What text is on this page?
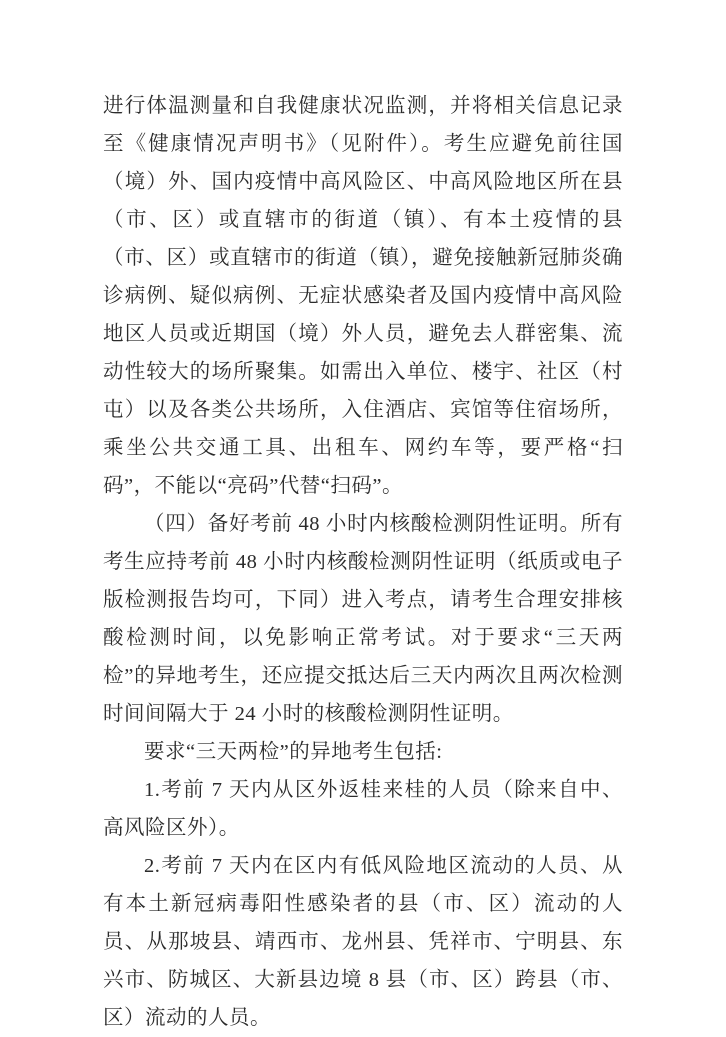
进行体温测量和自我健康状况监测，并将相关信息记录至《健康情况声明书》（见附件）。考生应避免前往国（境）外、国内疫情中高风险区、中高风险地区所在县（市、区）或直辖市的街道（镇）、有本土疫情的县（市、区）或直辖市的街道（镇），避免接触新冠肺炎确诊病例、疑似病例、无症状感染者及国内疫情中高风险地区人员或近期国（境）外人员，避免去人群密集、流动性较大的场所聚集。如需出入单位、楼宇、社区（村屯）以及各类公共场所，入住酒店、宾馆等住宿场所，乘坐公共交通工具、出租车、网约车等，要严格“扫码”，不能以“亮码”代替“扫码”。

（四）备好考前 48 小时内核酸检测阴性证明。所有考生应持考前 48 小时内核酸检测阴性证明（纸质或电子版检测报告均可，下同）进入考点，请考生合理安排核酸检测时间，以免影响正常考试。对于要求“三天两检”的异地考生，还应提交抵达后三天内两次且两次检测时间间隔大于 24 小时的核酸检测阴性证明。

要求“三天两检”的异地考生包括:

1.考前 7 天内从区外返桂来桂的人员（除来自中、高风险区外）。

2.考前 7 天内在区内有低风险地区流动的人员、从有本土新冠病毒阳性感染者的县（市、区）流动的人员、从那坡县、靖西市、龙州县、凭祥市、宁明县、东兴市、防城区、大新县边境 8 县（市、区）跨县（市、区）流动的人员。
